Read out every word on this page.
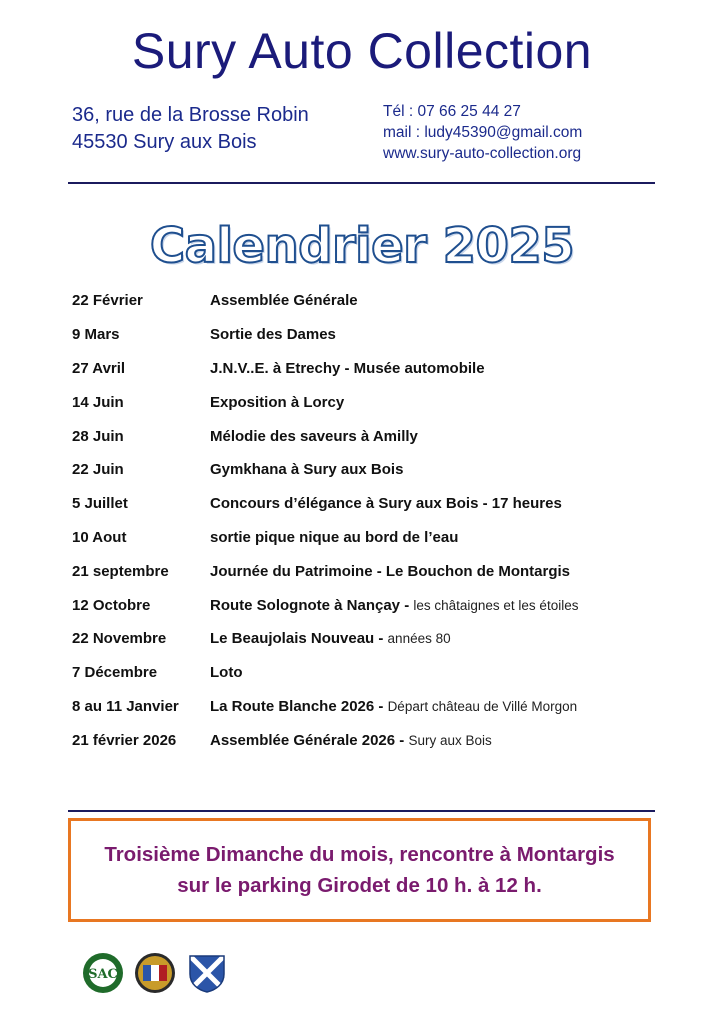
Sury Auto Collection
36, rue de la Brosse Robin
45530 Sury aux Bois
Tél : 07 66 25 44 27
mail : ludy45390@gmail.com
www.sury-auto-collection.org
Calendrier 2025
22 Février	Assemblée Générale
9 Mars	Sortie des Dames
27 Avril	J.N.V..E. à Etrechy - Musée automobile
14 Juin	Exposition à Lorcy
28 Juin	Mélodie des saveurs à Amilly
22 Juin	Gymkhana à Sury aux Bois
5 Juillet	Concours d’élégance à Sury aux Bois - 17 heures
10 Aout	sortie pique nique au bord de l’eau
21 septembre	Journée du Patrimoine - Le Bouchon de Montargis
12 Octobre	Route Solognote à Nançay - les châtaignes et les étoiles
22 Novembre	Le Beaujolais Nouveau - années 80
7 Décembre	Loto
8 au 11 Janvier	La Route Blanche 2026 - Départ château de Villé Morgon
21 février 2026	Assemblée Générale 2026 - Sury aux Bois
Troisième Dimanche du mois, rencontre à Montargis
sur le parking Girodet de 10 h. à 12 h.
SAC
